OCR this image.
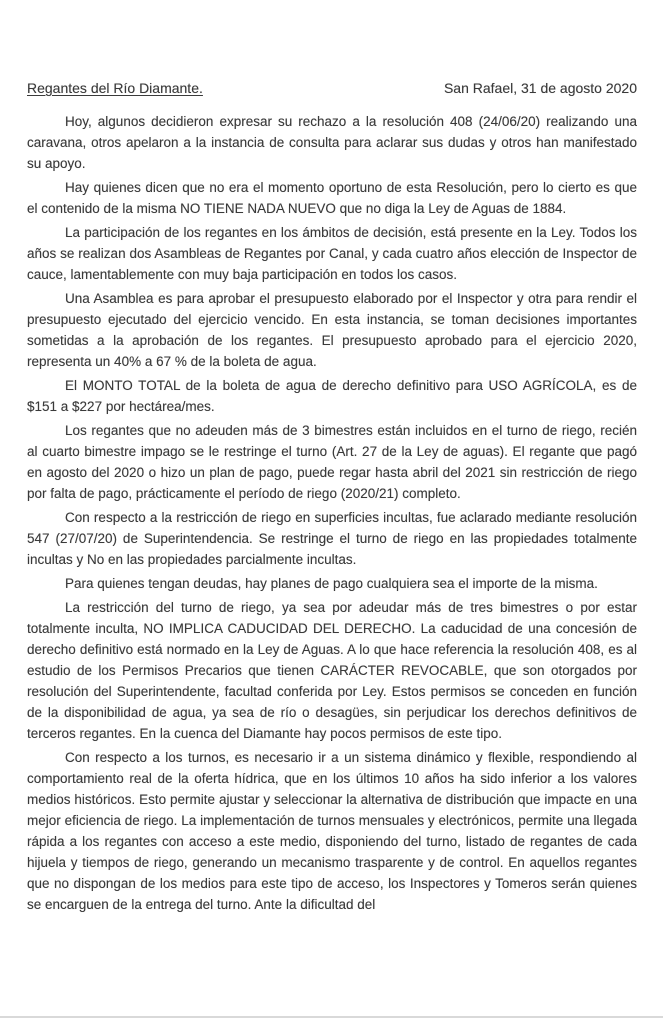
Regantes del Río Diamante.	San Rafael, 31 de agosto 2020

Hoy, algunos decidieron expresar su rechazo a la resolución 408 (24/06/20) realizando una caravana, otros apelaron a la instancia de consulta para aclarar sus dudas y otros han manifestado su apoyo.

Hay quienes dicen que no era el momento oportuno de esta Resolución, pero lo cierto es que el contenido de la misma NO TIENE NADA NUEVO que no diga la Ley de Aguas de 1884.

La participación de los regantes en los ámbitos de decisión, está presente en la Ley. Todos los años se realizan dos Asambleas de Regantes por Canal, y cada cuatro años elección de Inspector de cauce, lamentablemente con muy baja participación en todos los casos.

Una Asamblea es para aprobar el presupuesto elaborado por el Inspector y otra para rendir el presupuesto ejecutado del ejercicio vencido. En esta instancia, se toman decisiones importantes sometidas a la aprobación de los regantes. El presupuesto aprobado para el ejercicio 2020, representa un 40% a 67 % de la boleta de agua.

El MONTO TOTAL de la boleta de agua de derecho definitivo para USO AGRÍCOLA, es de $151 a $227 por hectárea/mes.

Los regantes que no adeuden más de 3 bimestres están incluidos en el turno de riego, recién al cuarto bimestre impago se le restringe el turno (Art. 27 de la Ley de aguas). El regante que pagó en agosto del 2020 o hizo un plan de pago, puede regar hasta abril del 2021 sin restricción de riego por falta de pago, prácticamente el período de riego (2020/21) completo.

Con respecto a la restricción de riego en superficies incultas, fue aclarado mediante resolución 547 (27/07/20) de Superintendencia. Se restringe el turno de riego en las propiedades totalmente incultas y No en las propiedades parcialmente incultas.

Para quienes tengan deudas, hay planes de pago cualquiera sea el importe de la misma.

La restricción del turno de riego, ya sea por adeudar más de tres bimestres o por estar totalmente inculta, NO IMPLICA CADUCIDAD DEL DERECHO. La caducidad de una concesión de derecho definitivo está normado en la Ley de Aguas. A lo que hace referencia la resolución 408, es al estudio de los Permisos Precarios que tienen CARÁCTER REVOCABLE, que son otorgados por resolución del Superintendente, facultad conferida por Ley. Estos permisos se conceden en función de la disponibilidad de agua, ya sea de río o desagües, sin perjudicar los derechos definitivos de terceros regantes. En la cuenca del Diamante hay pocos permisos de este tipo.

Con respecto a los turnos, es necesario ir a un sistema dinámico y flexible, respondiendo al comportamiento real de la oferta hídrica, que en los últimos 10 años ha sido inferior a los valores medios históricos. Esto permite ajustar y seleccionar la alternativa de distribución que impacte en una mejor eficiencia de riego. La implementación de turnos mensuales y electrónicos, permite una llegada rápida a los regantes con acceso a este medio, disponiendo del turno, listado de regantes de cada hijuela y tiempos de riego, generando un mecanismo trasparente y de control. En aquellos regantes que no dispongan de los medios para este tipo de acceso, los Inspectores y Tomeros serán quienes se encarguen de la entrega del turno. Ante la dificultad del
